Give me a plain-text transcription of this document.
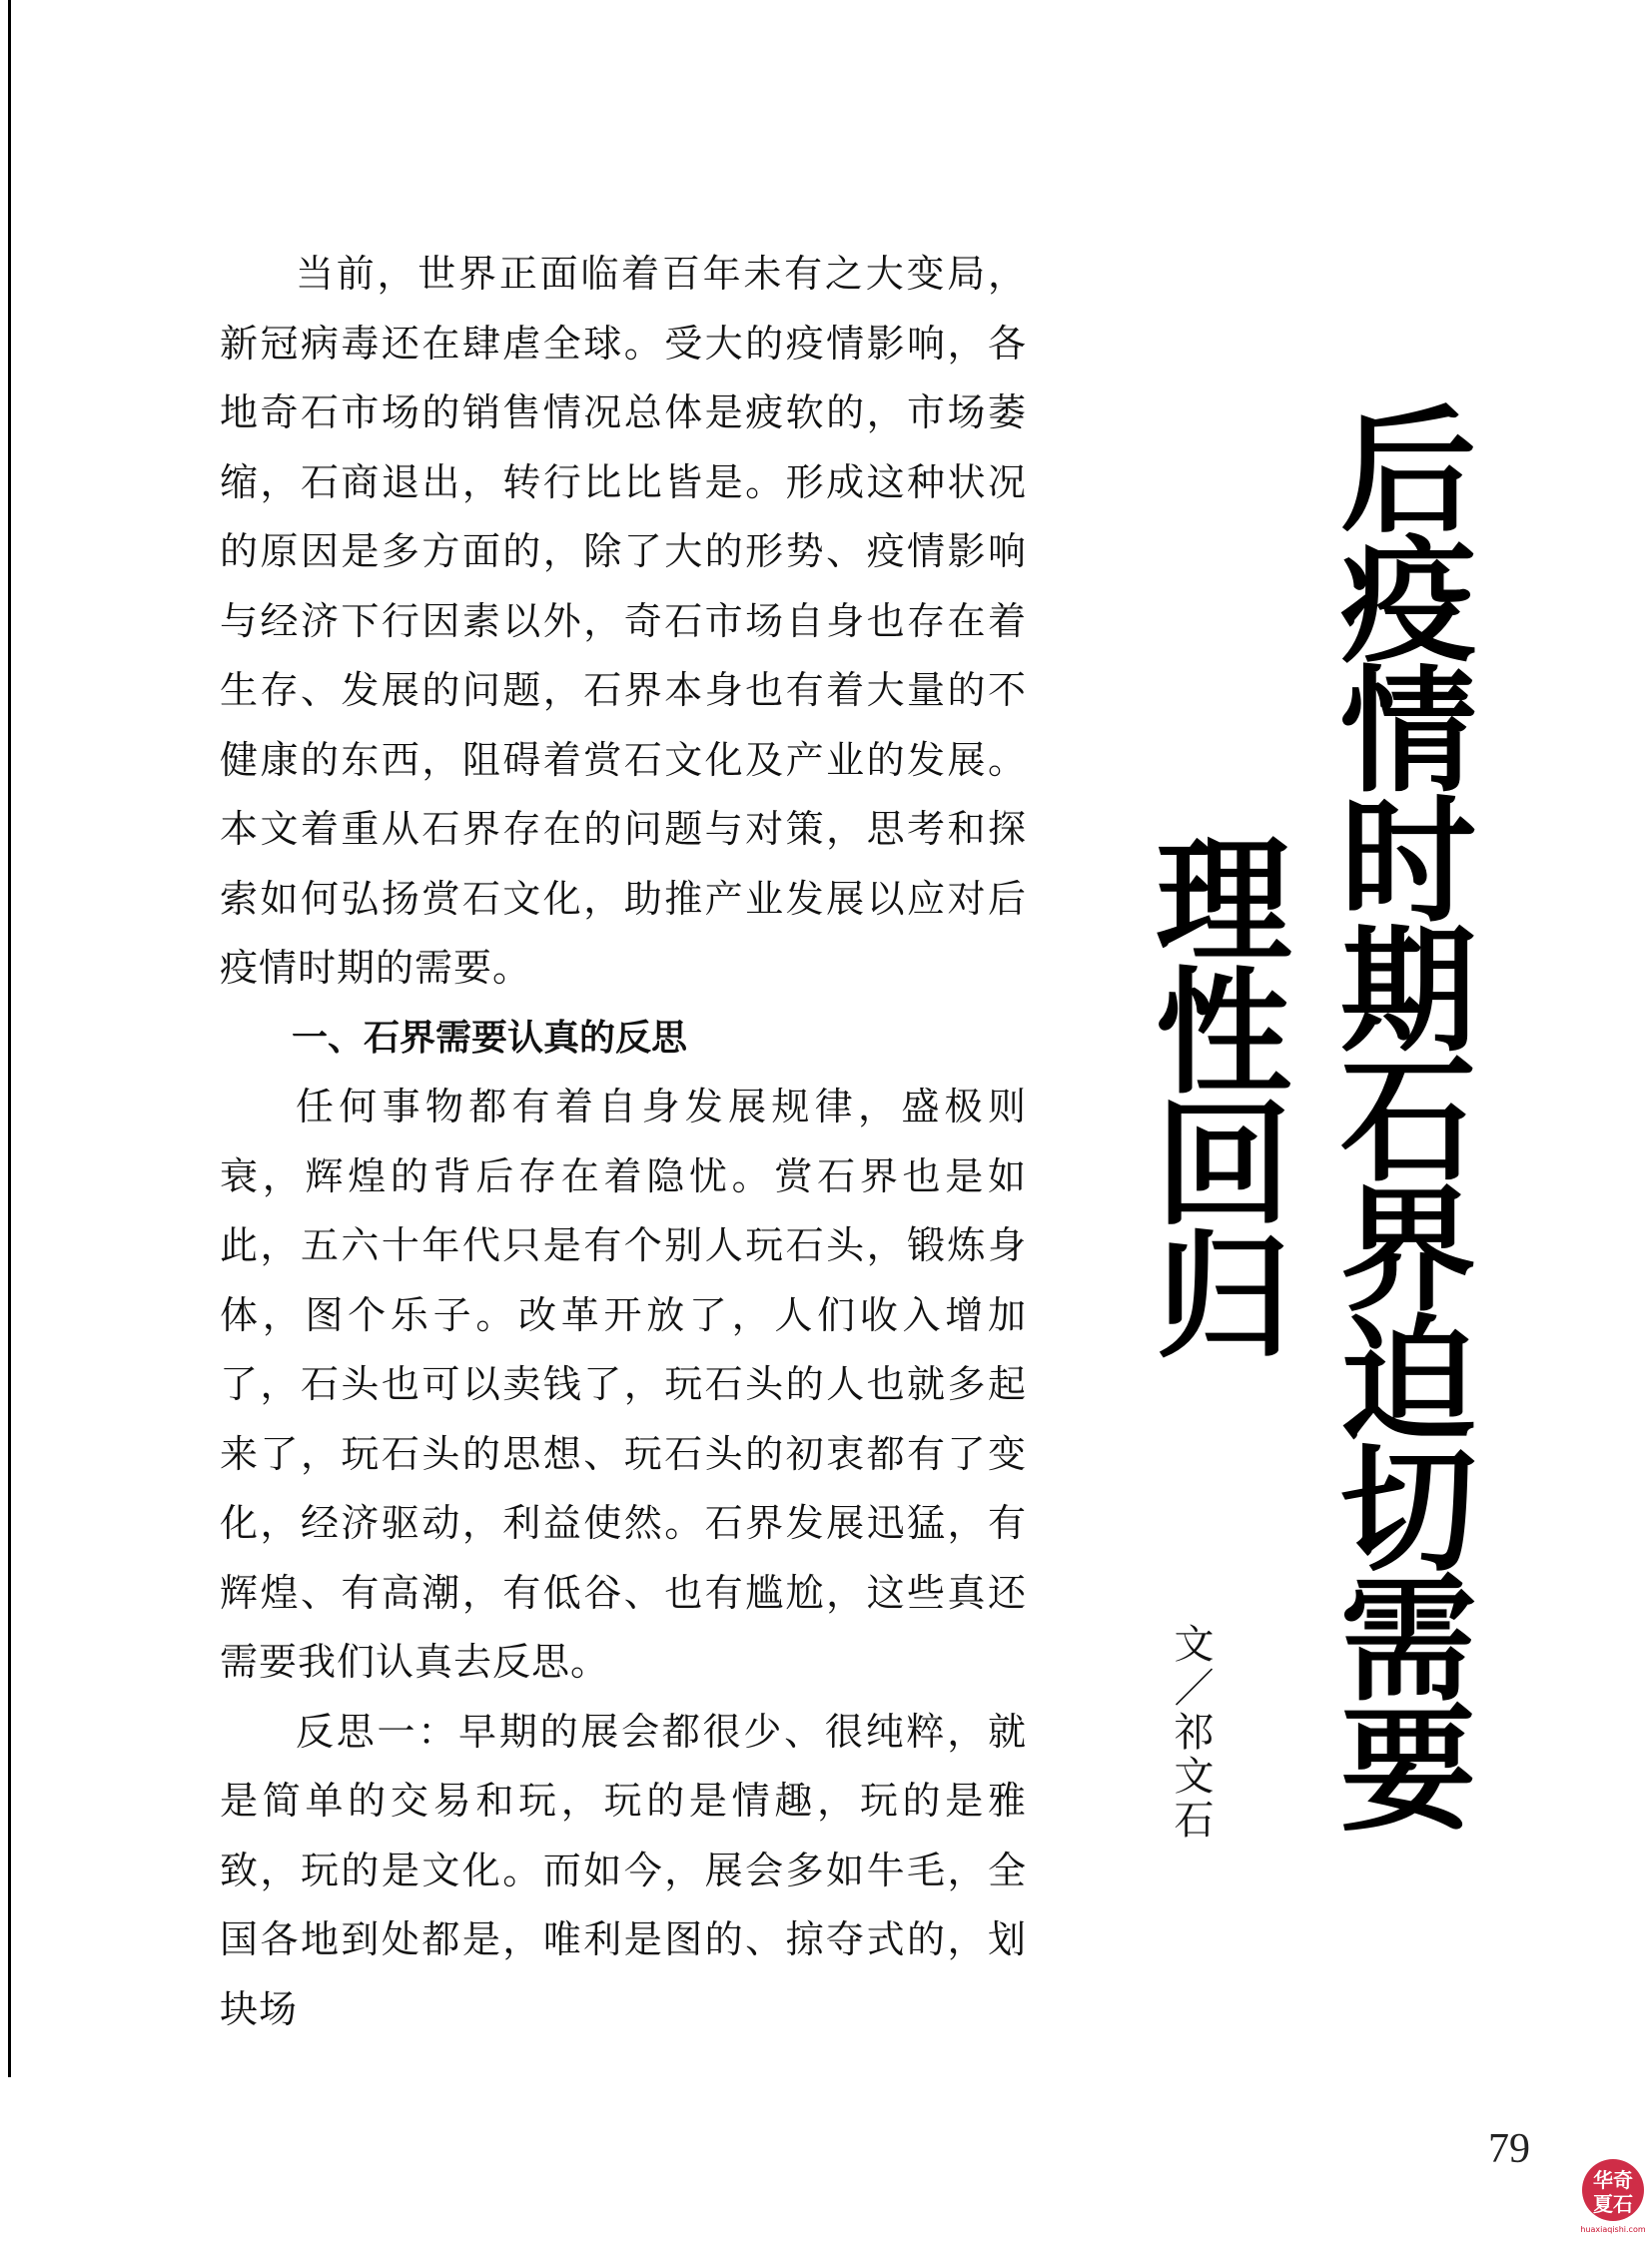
当前，世界正面临着百年未有之大变局，新冠病毒还在肆虐全球。受大的疫情影响，各地奇石市场的销售情况总体是疲软的，市场萎缩，石商退出，转行比比皆是。形成这种状况的原因是多方面的，除了大的形势、疫情影响与经济下行因素以外，奇石市场自身也存在着生存、发展的问题，石界本身也有着大量的不健康的东西，阻碍着赏石文化及产业的发展。本文着重从石界存在的问题与对策，思考和探索如何弘扬赏石文化，助推产业发展以应对后疫情时期的需要。

一、石界需要认真的反思

任何事物都有着自身发展规律，盛极则衰，辉煌的背后存在着隐忧。赏石界也是如此，五六十年代只是有个别人玩石头，锻炼身体，图个乐子。改革开放了，人们收入增加了，石头也可以卖钱了，玩石头的人也就多起来了，玩石头的思想、玩石头的初衷都有了变化，经济驱动，利益使然。石界发展迅猛，有辉煌、有高潮，有低谷、也有尴尬，这些真还需要我们认真去反思。

反思一：早期的展会都很少、很纯粹，就是简单的交易和玩，玩的是情趣，玩的是雅致，玩的是文化。而如今，展会多如牛毛，全国各地到处都是，唯利是图的、掠夺式的，划块场

后疫情时期石界迫切需要
理性回归
文／祁文石
79
华奇
夏石
huaxiaqishi.com
